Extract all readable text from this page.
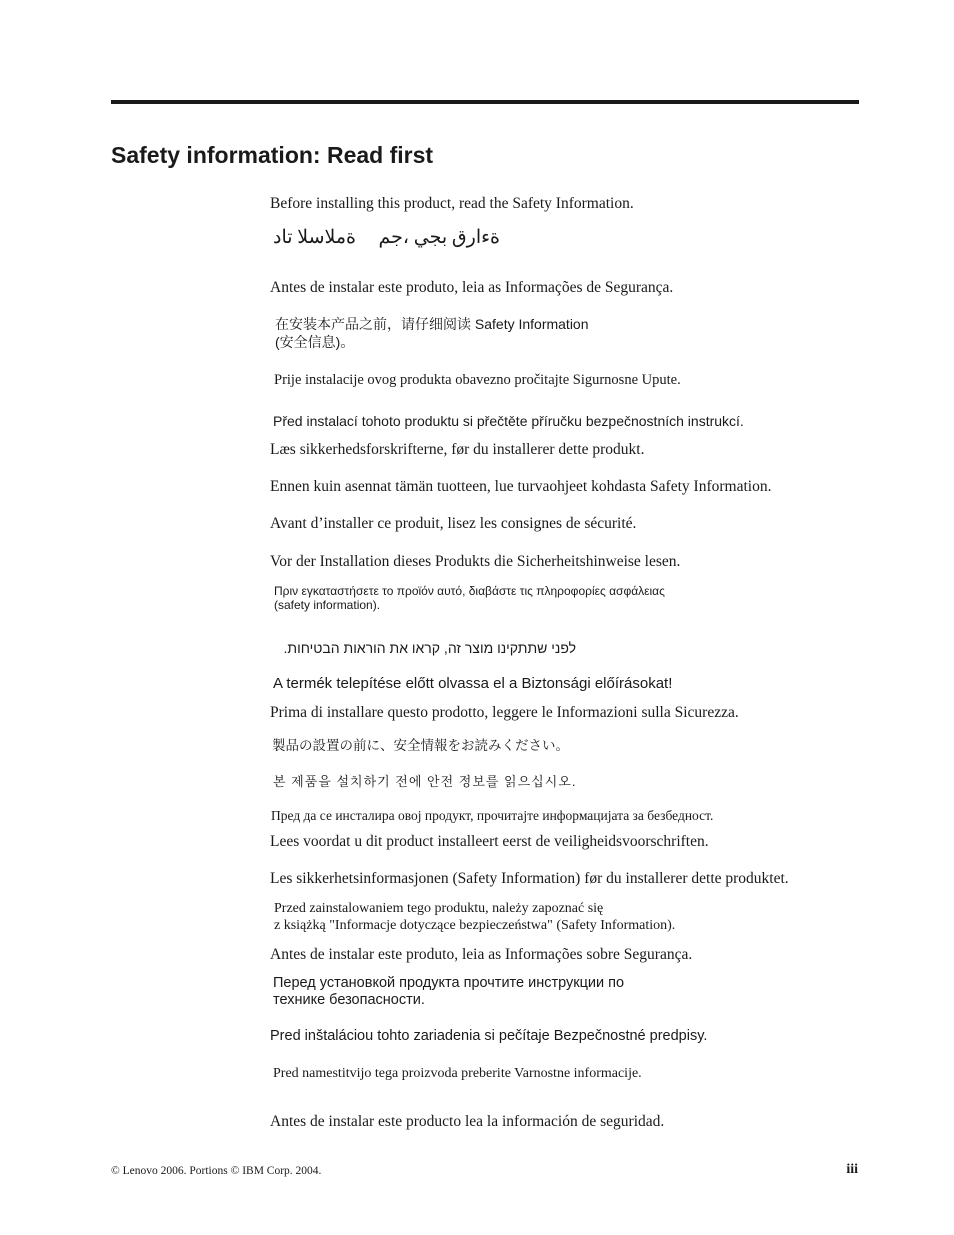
Safety information: Read first
Before installing this product, read the Safety Information.
ةملاسلا تاد ةءارق بجي ،جم
Antes de instalar este produto, leia as Informações de Segurança.
在安装本产品之前，请仔细阅读 Safety Information
(安全信息)。
Prije instalacije ovog produkta obavezno pročitajte Sigurnosne Upute.
Před instalací tohoto produktu si přečtěte příručku bezpečnostních instrukcí.
Læs sikkerhedsforskrifterne, før du installerer dette produkt.
Ennen kuin asennat tämän tuotteen, lue turvaohjeet kohdasta Safety Information.
Avant d’installer ce produit, lisez les consignes de sécurité.
Vor der Installation dieses Produkts die Sicherheitshinweise lesen.
Πριν εγκαταστήσετε το προϊόν αυτό, διαβάστε τις πληροφορίες ασφάλειας
(safety information).
לפני שתתקינו מוצר זה, קראו את הוראות הבטיחות.
A termék telepítése előtt olvassa el a Biztonsági előírásokat!
Prima di installare questo prodotto, leggere le Informazioni sulla Sicurezza.
製品の設置の前に、安全情報をお読みください。
본 제품을 설치하기 전에 안전 정보를 읽으십시오.
Пред да се инсталира овој продукт, прочитајте информацијата за безбедност.
Lees voordat u dit product installeert eerst de veiligheidsvoorschriften.
Les sikkerhetsinformasjonen (Safety Information) før du installerer dette produktet.
Przed zainstalowaniem tego produktu, należy zapoznać się
z książką "Informacje dotyczące bezpieczeństwa" (Safety Information).
Antes de instalar este produto, leia as Informações sobre Segurança.
Перед установкой продукта прочтите инструкции по
технике безопасности.
Pred inštaláciou tohto zariadenia si pečítaje Bezpečnostné predpisy.
Pred namestitvijo tega proizvoda preberite Varnostne informacije.
Antes de instalar este producto lea la información de seguridad.
© Lenovo 2006. Portions © IBM Corp. 2004.	iii
